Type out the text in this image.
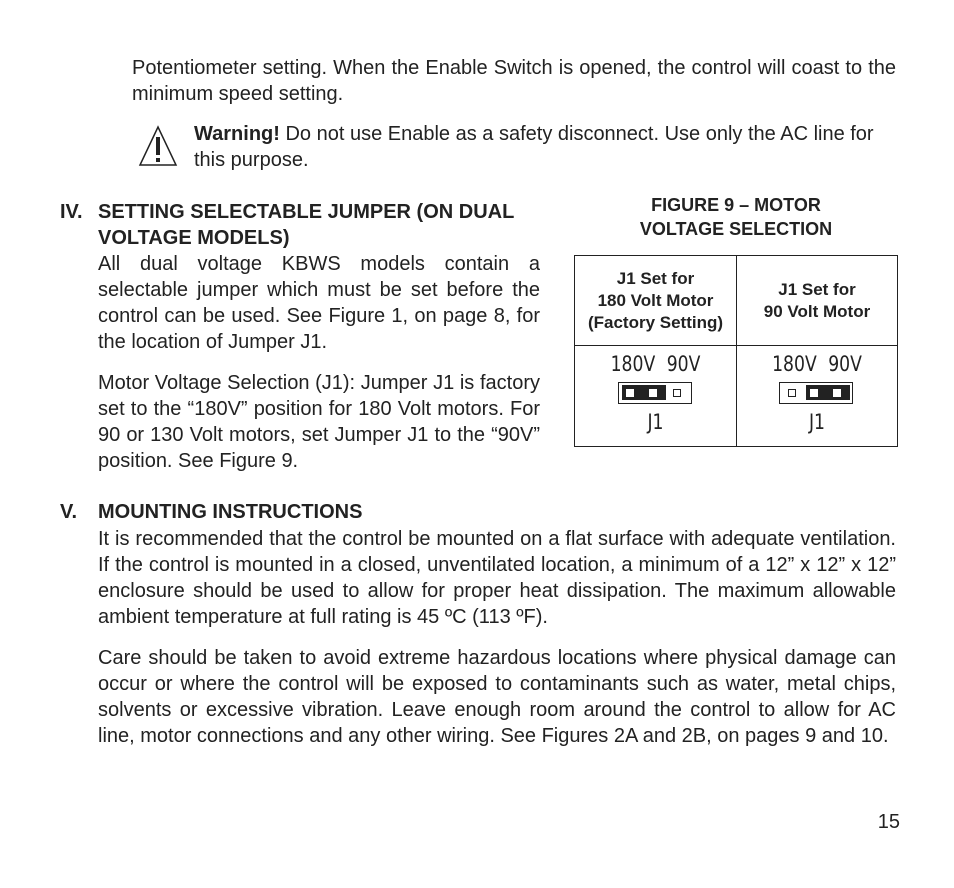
Potentiometer setting. When the Enable Switch is opened, the control will coast to the minimum speed setting.

Warning! Do not use Enable as a safety disconnect. Use only the AC line for this purpose.

IV. SETTING SELECTABLE JUMPER (ON DUAL VOLTAGE MODELS)

All dual voltage KBWS models contain a selectable jumper which must be set before the control can be used. See Figure 1, on page 8, for the location of Jumper J1.

Motor Voltage Selection (J1): Jumper J1 is factory set to the “180V” position for 180 Volt motors. For 90 or 130 Volt motors, set Jumper J1 to the “90V” position. See Figure 9.

FIGURE 9 – MOTOR
VOLTAGE SELECTION
J1 Set for
180 Volt Motor
(Factory Setting)
J1 Set for
90 Volt Motor
180V 90V
J1
180V 90V
J1
V. MOUNTING INSTRUCTIONS

It is recommended that the control be mounted on a flat surface with adequate ventilation. If the control is mounted in a closed, unventilated location, a minimum of a 12” x 12” x 12” enclosure should be used to allow for proper heat dissipation. The maximum allowable ambient temperature at full rating is 45 ºC (113 ºF).

Care should be taken to avoid extreme hazardous locations where physical damage can occur or where the control will be exposed to contaminants such as water, metal chips, solvents or excessive vibration. Leave enough room around the control to allow for AC line, motor connections and any other wiring. See Figures 2A and 2B, on pages 9 and 10.

15
